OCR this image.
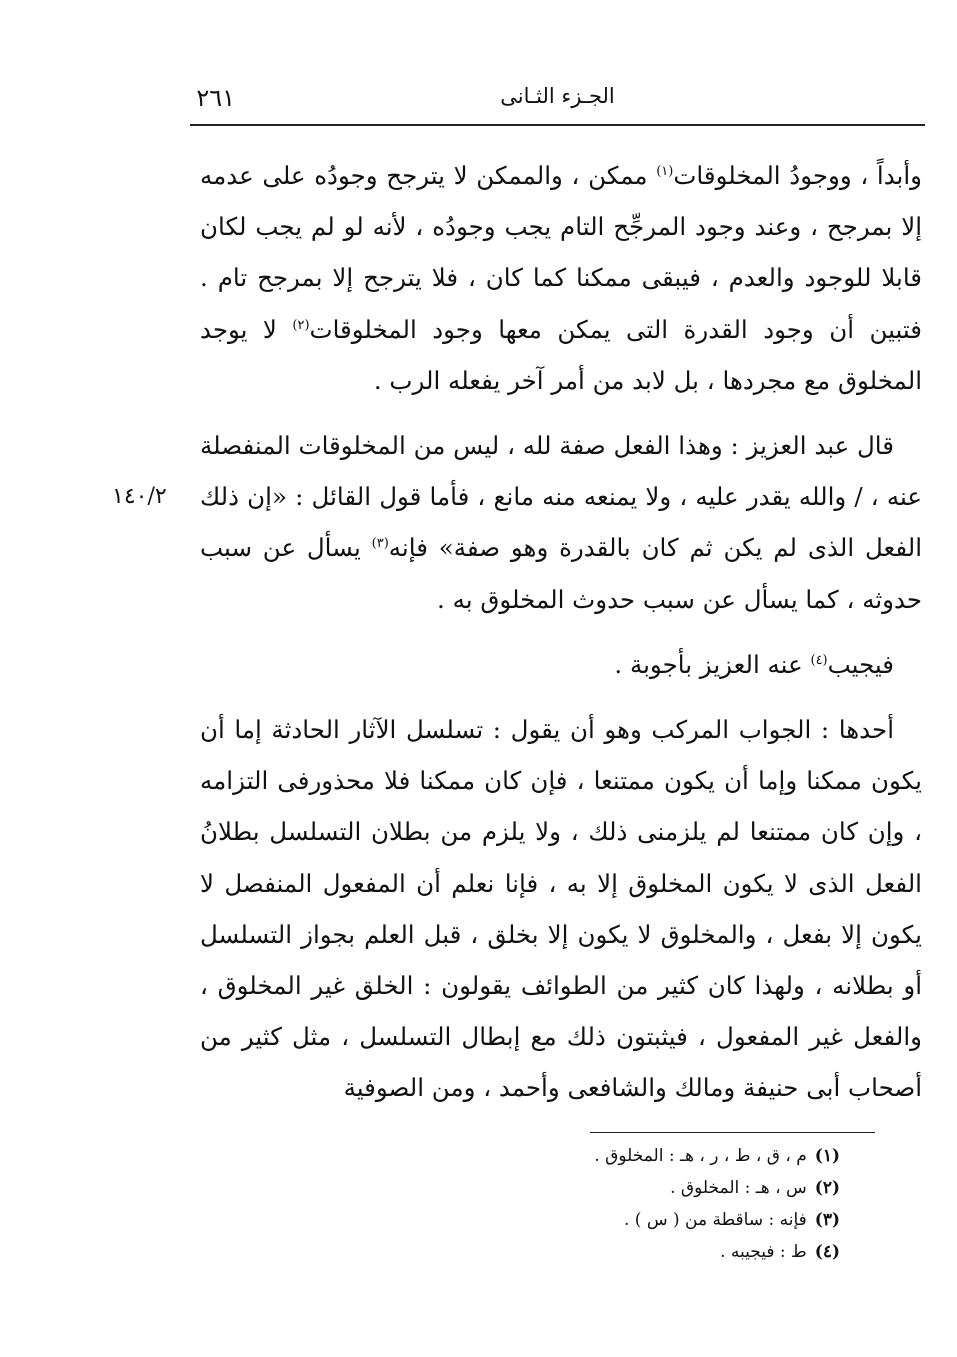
٢٦١	الجـزء الثـانى
١٤٠/٢

وأبداً ، ووجودُ المخلوقات$^{(١)}$ ممكن ، والممكن لا يترجح وجودُه على عدمه إلا بمرجح ، وعند وجود المرجِّح التام يجب وجودُه ، لأنه لو لم يجب لكان قابلا للوجود والعدم ، فيبقى ممكنا كما كان ، فلا يترجح إلا بمرجح تام . فتبين أن وجود القدرة التى يمكن معها وجود المخلوقات$^{(٢)}$ لا يوجد المخلوق مع مجردها ، بل لابد من أمر آخر يفعله الرب .

قال عبد العزيز : وهذا الفعل صفة لله ، ليس من المخلوقات المنفصلة عنه ، / والله يقدر عليه ، ولا يمنعه منه مانع ، فأما قول القائل : «إن ذلك الفعل الذى لم يكن ثم كان بالقدرة وهو صفة» فإنه$^{(٣)}$ يسأل عن سبب حدوثه ، كما يسأل عن سبب حدوث المخلوق به .

فيجيب$^{(٤)}$ عنه العزيز بأجوبة .

أحدها : الجواب المركب وهو أن يقول : تسلسل الآثار الحادثة إما أن يكون ممكنا وإما أن يكون ممتنعا ، فإن كان ممكنا فلا محذورفى التزامه ، وإن كان ممتنعا لم يلزمنى ذلك ، ولا يلزم من بطلان التسلسل بطلانُ الفعل الذى لا يكون المخلوق إلا به ، فإنا نعلم أن المفعول المنفصل لا يكون إلا بفعل ، والمخلوق لا يكون إلا بخلق ، قبل العلم بجواز التسلسل أو بطلانه ، ولهذا كان كثير من الطوائف يقولون : الخلق غير المخلوق ، والفعل غير المفعول ، فيثبتون ذلك مع إبطال التسلسل ، مثل كثير من أصحاب أبى حنيفة ومالك والشافعى وأحمد ، ومن الصوفية

(١)م ، ق ، ط ، ر ، هـ : المخلوق .
(٢)س ، هـ : المخلوق .
(٣)فإنه : ساقطة من ( س ) .
(٤)ط : فيجيبه .
